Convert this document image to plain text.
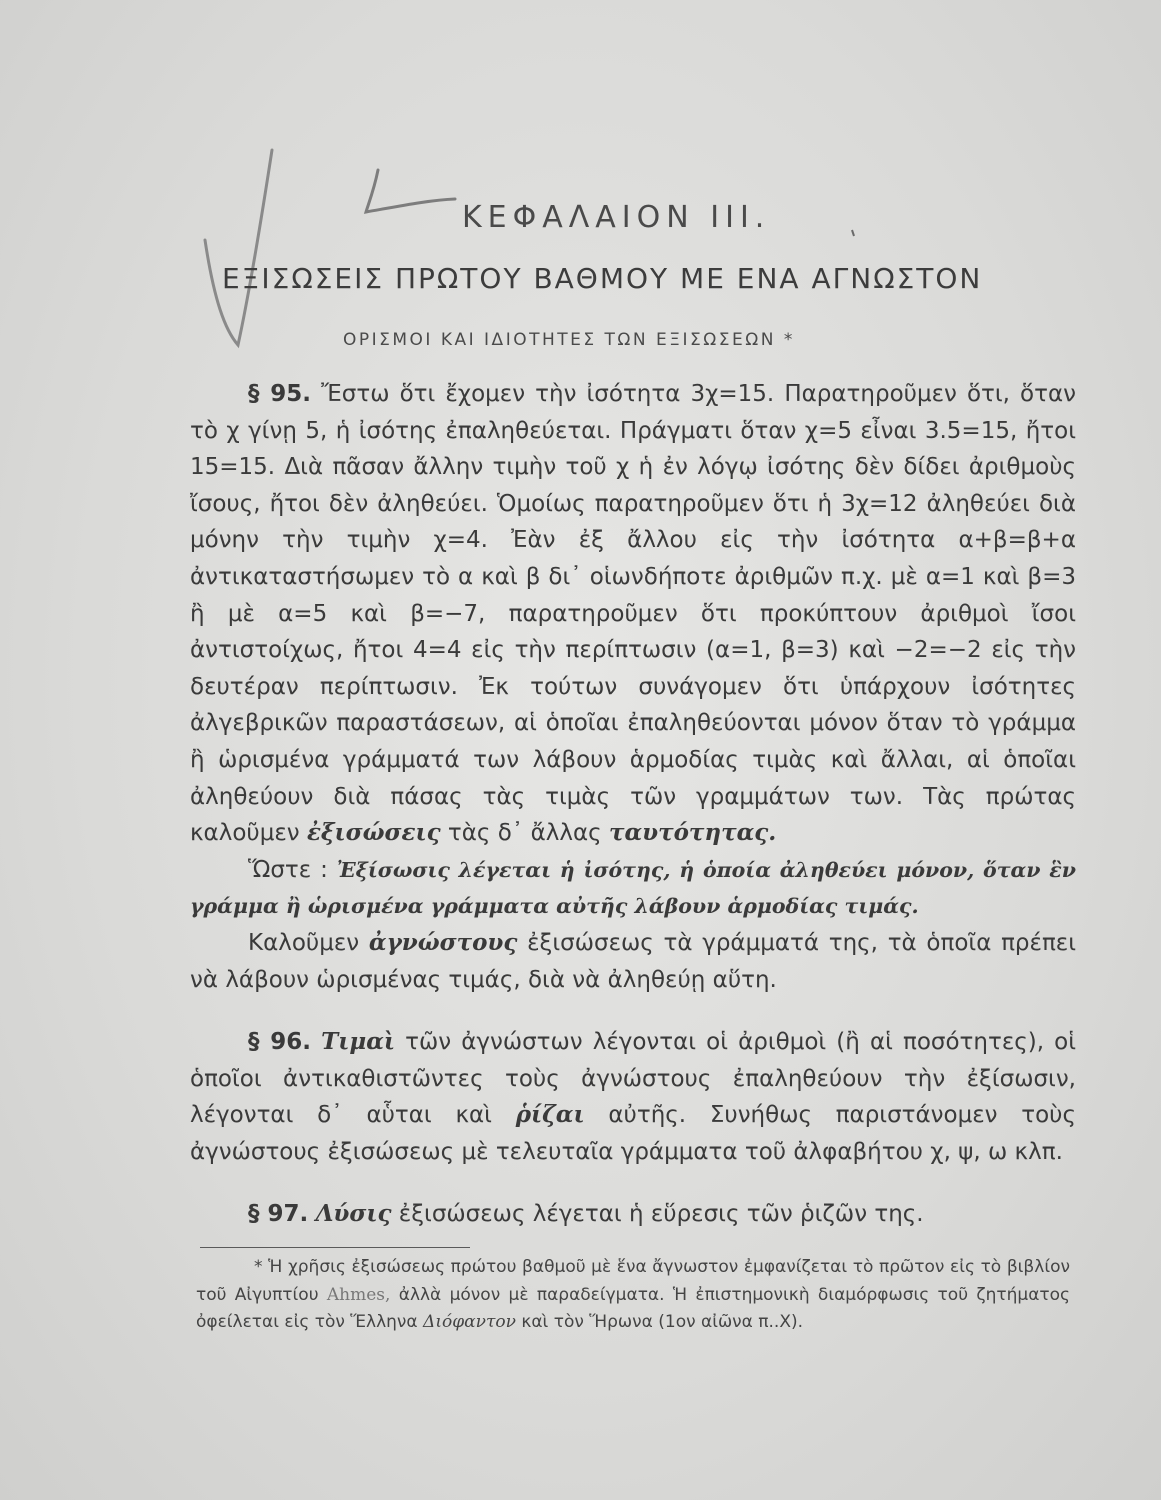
ΚΕΦΑΛΑΙΟΝ ΙΙΙ.
ΕΞΙΣΩΣΕΙΣ ΠΡΩΤΟΥ ΒΑΘΜΟΥ ΜΕ ΕΝΑ ΑΓΝΩΣΤΟΝ
ΟΡΙΣΜΟΙ ΚΑΙ ΙΔΙΟΤΗΤΕΣ ΤΩΝ ΕΞΙΣΩΣΕΩΝ *

§ 95. Ἔστω ὅτι ἔχομεν τὴν ἰσότητα 3χ=15. Παρατηροῦμεν ὅτι, ὅταν τὸ χ γίνῃ 5, ἡ ἰσότης ἐπαληθεύεται. Πράγματι ὅταν χ=5 εἶναι 3.5=15, ἤτοι 15=15. Διὰ πᾶσαν ἄλλην τιμὴν τοῦ χ ἡ ἐν λόγῳ ἰσότης δὲν δίδει ἀριθμοὺς ἴσους, ἤτοι δὲν ἀληθεύει. Ὁμοίως παρατηροῦμεν ὅτι ἡ 3χ=12 ἀληθεύει διὰ μόνην τὴν τιμὴν χ=4. Ἐὰν ἐξ ἄλλου εἰς τὴν ἰσότητα α+β=β+α ἀντικαταστήσωμεν τὸ α καὶ β δι᾽ οἱωνδήποτε ἀριθμῶν π.χ. μὲ α=1 καὶ β=3 ἢ μὲ α=5 καὶ β=−7, παρατηροῦμεν ὅτι προκύπτουν ἀριθμοὶ ἴσοι ἀντιστοίχως, ἤτοι 4=4 εἰς τὴν περίπτωσιν (α=1, β=3) καὶ −2=−2 εἰς τὴν δευτέραν περίπτωσιν. Ἐκ τούτων συνάγομεν ὅτι ὑπάρχουν ἰσότητες ἀλγεβρικῶν παραστάσεων, αἱ ὁποῖαι ἐπαληθεύονται μόνον ὅταν τὸ γράμμα ἢ ὡρισμένα γράμματά των λάβουν ἁρμοδίας τιμὰς καὶ ἄλλαι, αἱ ὁποῖαι ἀληθεύουν διὰ πάσας τὰς τιμὰς τῶν γραμμάτων των. Τὰς πρώτας καλοῦμεν ἐξισώσεις τὰς δ᾽ ἄλλας ταυτότητας.

Ὥστε : Ἐξίσωσις λέγεται ἡ ἰσότης, ἡ ὁποία ἀληθεύει μόνον, ὅταν ἓν γράμμα ἢ ὡρισμένα γράμματα αὐτῆς λάβουν ἁρμοδίας τιμάς.

Καλοῦμεν ἀγνώστους ἐξισώσεως τὰ γράμματά της, τὰ ὁποῖα πρέπει νὰ λάβουν ὡρισμένας τιμάς, διὰ νὰ ἀληθεύῃ αὕτη.

§ 96. Τιμαὶ τῶν ἀγνώστων λέγονται οἱ ἀριθμοὶ (ἢ αἱ ποσότητες), οἱ ὁποῖοι ἀντικαθιστῶντες τοὺς ἀγνώστους ἐπαληθεύουν τὴν ἐξίσωσιν, λέγονται δ᾽ αὗται καὶ ῥίζαι αὐτῆς. Συνήθως παριστάνομεν τοὺς ἀγνώστους ἐξισώσεως μὲ τελευταῖα γράμματα τοῦ ἀλφαβήτου χ, ψ, ω κλπ.

§ 97. Λύσις ἐξισώσεως λέγεται ἡ εὕρεσις τῶν ῥιζῶν της.

* Ἡ χρῆσις ἐξισώσεως πρώτου βαθμοῦ μὲ ἕνα ἄγνωστον ἐμφανίζεται τὸ πρῶτον εἰς τὸ βιβλίον τοῦ Αἰγυπτίου Ahmes, ἀλλὰ μόνον μὲ παραδείγματα. Ἡ ἐπιστημονικὴ διαμόρφωσις τοῦ ζητήματος ὀφείλεται εἰς τὸν Ἕλληνα Διόφαντον καὶ τὸν Ἥρωνα (1ον αἰῶνα π..Χ).
